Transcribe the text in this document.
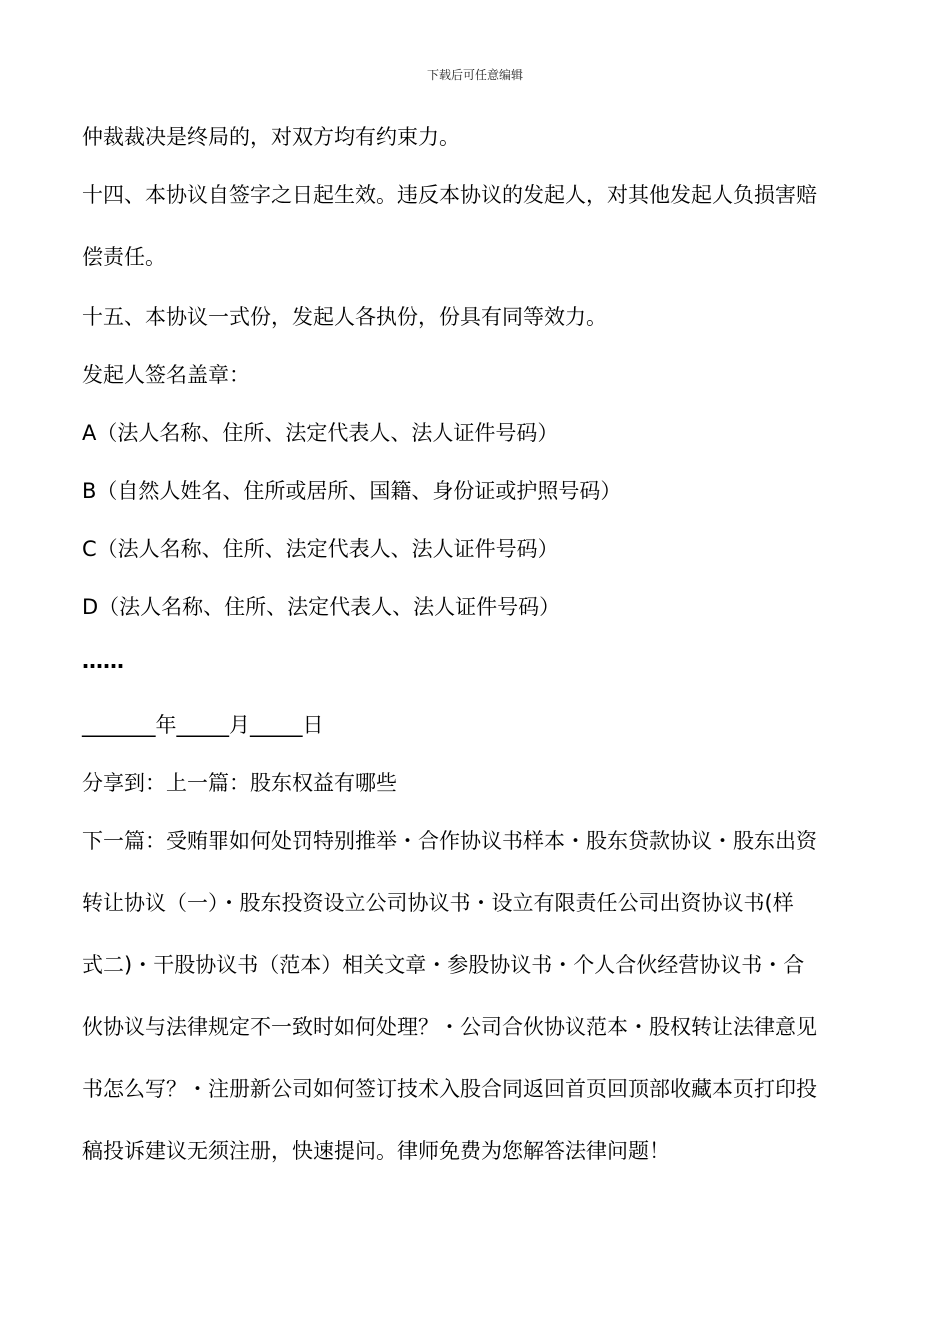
下载后可任意编辑
仲裁裁决是终局的，对双方均有约束力。
十四、本协议自签字之日起生效。违反本协议的发起人，对其他发起人负损害赔
偿责任。
十五、本协议一式份，发起人各执份，份具有同等效力。
发起人签名盖章：
A（法人名称、住所、法定代表人、法人证件号码）
B（自然人姓名、住所或居所、国籍、身份证或护照号码）
C（法人名称、住所、法定代表人、法人证件号码）
D（法人名称、住所、法定代表人、法人证件号码）
……
_______年_____月_____日
分享到：上一篇：股东权益有哪些
下一篇：受贿罪如何处罚特别推举・合作协议书样本・股东贷款协议・股东出资
转让协议（一）・股东投资设立公司协议书・设立有限责任公司出资协议书(样
式二)・干股协议书（范本）相关文章・参股协议书・个人合伙经营协议书・合
伙协议与法律规定不一致时如何处理？・公司合伙协议范本・股权转让法律意见
书怎么写？・注册新公司如何签订技术入股合同返回首页回顶部收藏本页打印投
稿投诉建议无须注册，快速提问。律师免费为您解答法律问题！
